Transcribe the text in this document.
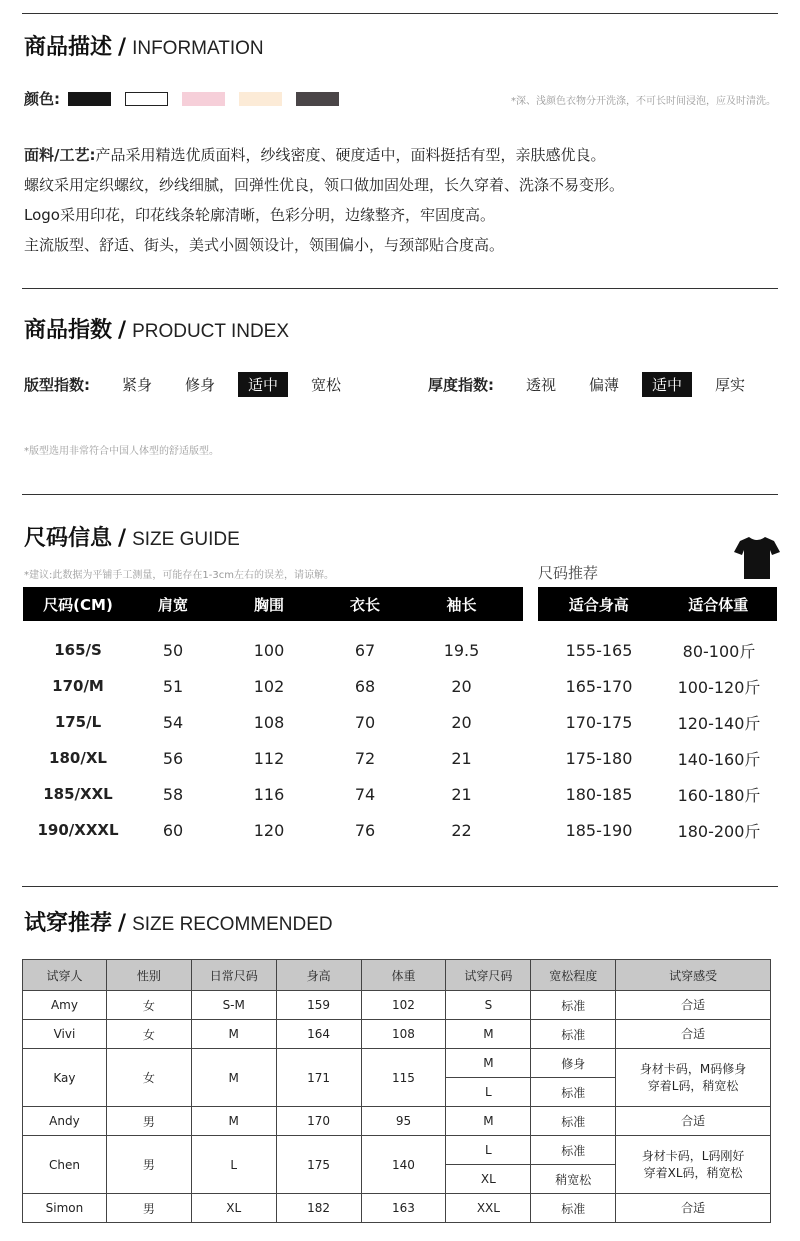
商品描述 / INFORMATION
颜色:	*深、浅颜色衣物分开洗涤，不可长时间浸泡，应及时清洗。
面料/工艺:产品采用精选优质面料，纱线密度、硬度适中，面料挺括有型，亲肤感优良。
螺纹采用定织螺纹，纱线细腻，回弹性优良，领口做加固处理，长久穿着、洗涤不易变形。
Logo采用印花，印花线条轮廓清晰，色彩分明，边缘整齐，牢固度高。
主流版型、舒适、街头，美式小圆领设计，领围偏小，与颈部贴合度高。
商品指数 / PRODUCT INDEX
版型指数:	紧身	修身	适中	宽松	厚度指数:	透视	偏薄	适中	厚实
*版型选用非常符合中国人体型的舒适版型。
尺码信息 / SIZE GUIDE
*建议:此数据为平铺手工测量，可能存在1-3cm左右的误差，请谅解。	尺码推荐
尺码(CM)	肩宽	胸围	衣长	袖长	适合身高	适合体重
165/S	50	100	67	19.5
170/M	51	102	68	20
175/L	54	108	70	20
180/XL	56	112	72	21
185/XXL	58	116	74	21
190/XXXL	60	120	76	22
155-165	80-100斤
165-170	100-120斤
170-175	120-140斤
175-180	140-160斤
180-185	160-180斤
185-190	180-200斤
试穿推荐 / SIZE RECOMMENDED
试穿人	性别	日常尺码	身高	体重	试穿尺码	宽松程度	试穿感受
Amy	女	S-M	159	102	S	标准	合适

Vivi	女	M	164	108	M	标准	合适

Kay	女	M	171	115	M	修身	身材卡码，M码修身
穿着L码，稍宽松

					L	标准	
Andy	男	M	170	95	M	标准	合适

Chen	男	L	175	140	L	标准	身材卡码，L码刚好
穿着XL码，稍宽松

					XL	稍宽松	
Simon	男	XL	182	163	XXL	标准	合适
